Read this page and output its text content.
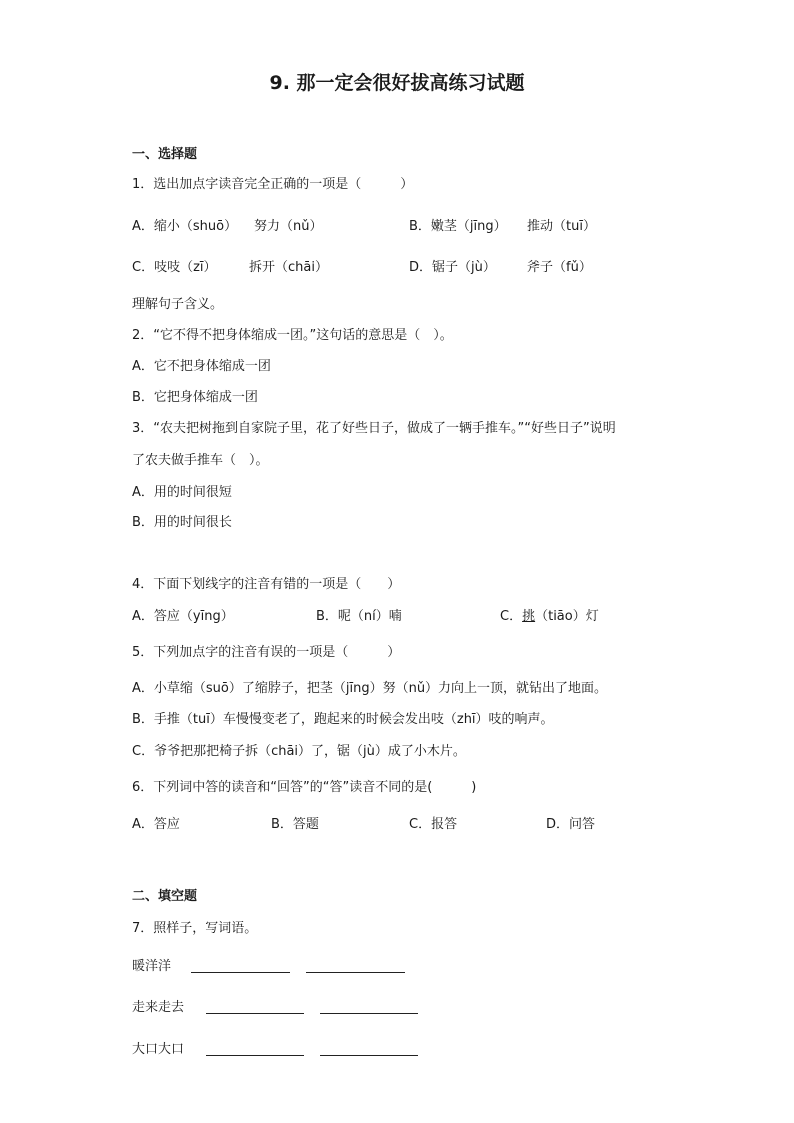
9. 那一定会很好拔高练习试题
一、选择题
1．选出加点字读音完全正确的一项是（　　　）
A．缩小（shuō） 努力（nǔ）	B．嫩茎（jīng） 推动（tuī）
C．吱吱（zī） 拆开（chāi）	D．锯子（jù） 斧子（fǔ）
理解句子含义。
2．“它不得不把身体缩成一团。”这句话的意思是（　）。
A．它不把身体缩成一团
B．它把身体缩成一团
3．“农夫把树拖到自家院子里，花了好些日子，做成了一辆手推车。”“好些日子”说明
了农夫做手推车（　）。
A．用的时间很短
B．用的时间很长
4．下面下划线字的注音有错的一项是（　　）
A．答应（yīng）	B．呢（ní）喃	C．挑（tiāo）灯
5．下列加点字的注音有误的一项是（　　　）
A．小草缩（suō）了缩脖子，把茎（jīng）努（nǔ）力向上一顶，就钻出了地面。
B．手推（tuī）车慢慢变老了，跑起来的时候会发出吱（zhī）吱的响声。
C．爷爷把那把椅子拆（chāi）了，锯（jù）成了小木片。
6．下列词中答的读音和“回答”的“答”读音不同的是(　　　)
A．答应	B．答题	C．报答	D．问答
二、填空题
7．照样子，写词语。
暖洋洋
走来走去
大口大口
